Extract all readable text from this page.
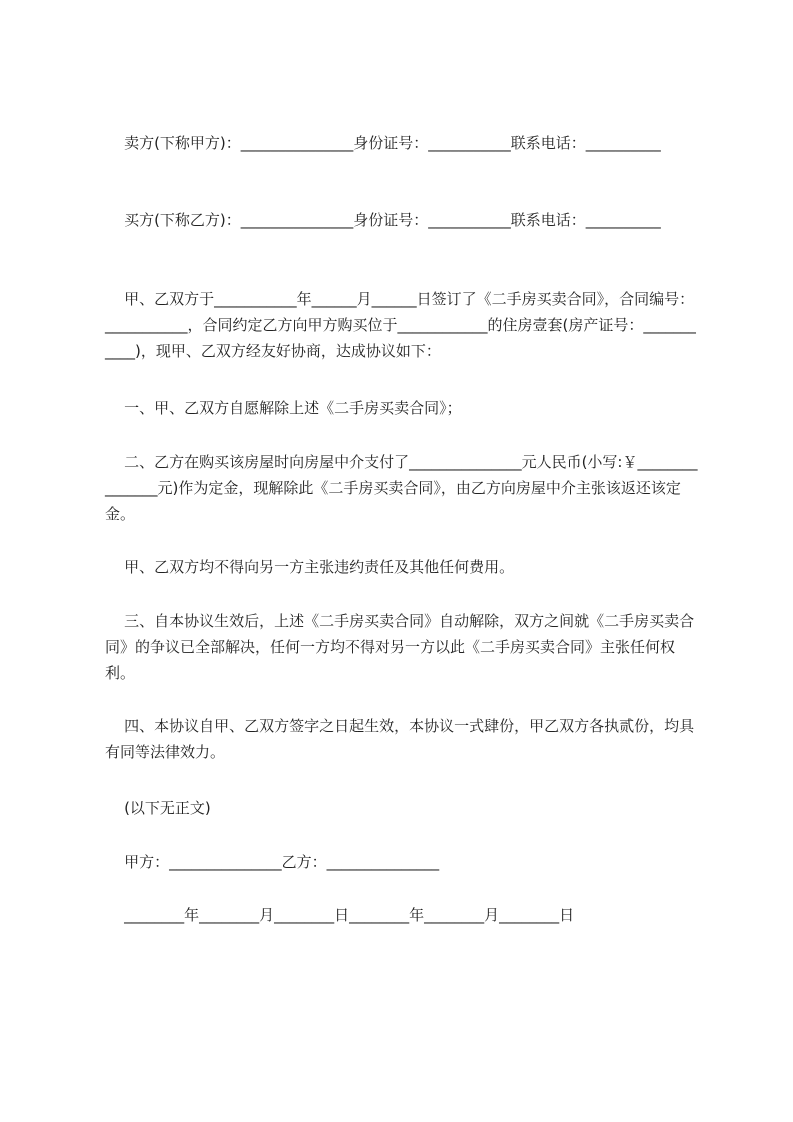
卖方(下称甲方)：_______________身份证号：___________联系电话：__________

买方(下称乙方)：_______________身份证号：___________联系电话：__________

甲、乙双方于___________年______月______日签订了《二手房买卖合同》，合同编号：___________，合同约定乙方向甲方购买位于____________的住房壹套(房产证号：___________)，现甲、乙双方经友好协商，达成协议如下：

一、甲、乙双方自愿解除上述《二手房买卖合同》；

二、乙方在购买该房屋时向房屋中介支付了_______________元人民币(小写:￥_______________元)作为定金，现解除此《二手房买卖合同》，由乙方向房屋中介主张该返还该定金。

甲、乙双方均不得向另一方主张违约责任及其他任何费用。

三、自本协议生效后，上述《二手房买卖合同》自动解除，双方之间就《二手房买卖合同》的争议已全部解决，任何一方均不得对另一方以此《二手房买卖合同》主张任何权利。

四、本协议自甲、乙双方签字之日起生效，本协议一式肆份，甲乙双方各执贰份，均具有同等法律效力。

(以下无正文)

甲方：_______________乙方：_______________

________年________月________日________年________月________日
